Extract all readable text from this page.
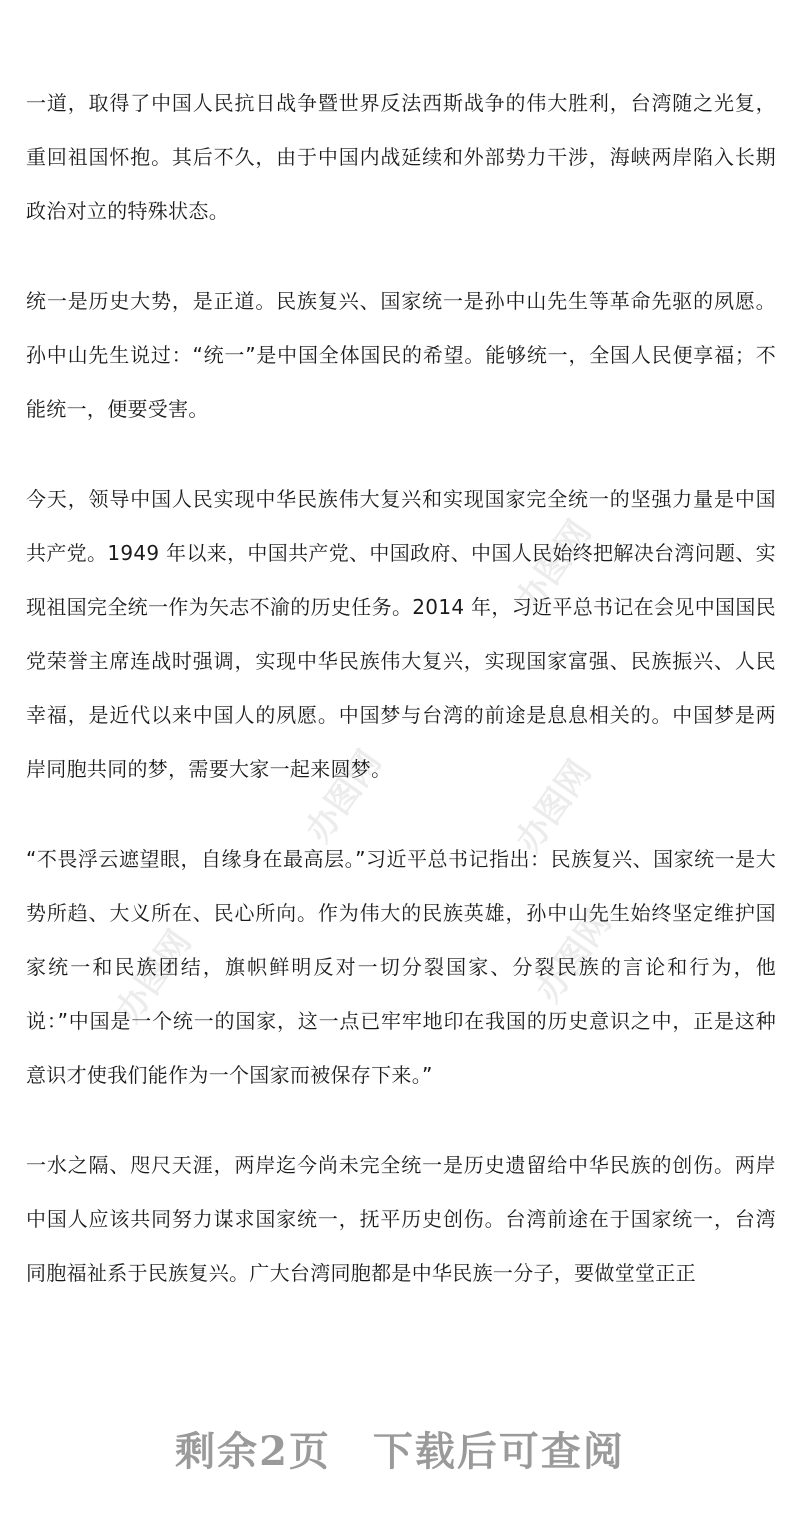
办图网
办图网
办图网
办图网
办图网

一道，取得了中国人民抗日战争暨世界反法西斯战争的伟大胜利，台湾随之光复，重回祖国怀抱。其后不久，由于中国内战延续和外部势力干涉，海峡两岸陷入长期政治对立的特殊状态。

统一是历史大势，是正道。民族复兴、国家统一是孙中山先生等革命先驱的夙愿。孙中山先生说过：“统一”是中国全体国民的希望。能够统一，全国人民便享福；不能统一，便要受害。

今天，领导中国人民实现中华民族伟大复兴和实现国家完全统一的坚强力量是中国共产党。1949 年以来，中国共产党、中国政府、中国人民始终把解决台湾问题、实现祖国完全统一作为矢志不渝的历史任务。2014 年，习近平总书记在会见中国国民党荣誉主席连战时强调，实现中华民族伟大复兴，实现国家富强、民族振兴、人民幸福，是近代以来中国人的夙愿。中国梦与台湾的前途是息息相关的。中国梦是两岸同胞共同的梦，需要大家一起来圆梦。

“不畏浮云遮望眼，自缘身在最高层。”习近平总书记指出：民族复兴、国家统一是大势所趋、大义所在、民心所向。作为伟大的民族英雄，孙中山先生始终坚定维护国家统一和民族团结，旗帜鲜明反对一切分裂国家、分裂民族的言论和行为，他说：”中国是一个统一的国家，这一点已牢牢地印在我国的历史意识之中，正是这种意识才使我们能作为一个国家而被保存下来。”

一水之隔、咫尺天涯，两岸迄今尚未完全统一是历史遗留给中华民族的创伤。两岸中国人应该共同努力谋求国家统一，抚平历史创伤。台湾前途在于国家统一，台湾同胞福祉系于民族复兴。广大台湾同胞都是中华民族一分子，要做堂堂正正

剩余2页 下载后可查阅
